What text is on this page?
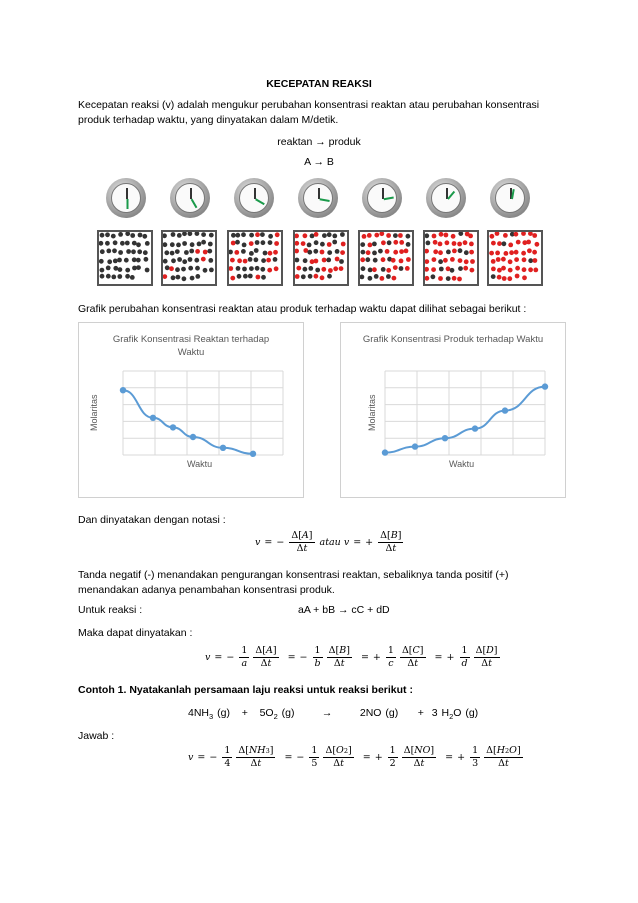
KECEPATAN REAKSI
Kecepatan reaksi (v) adalah mengukur perubahan konsentrasi reaktan atau perubahan konsentrasi produk terhadap waktu, yang dinyatakan dalam M/detik.
reaktan → produk
A → B
Grafik perubahan konsentrasi reaktan atau produk terhadap waktu dapat dilihat sebagai berikut :
Grafik Konsentrasi Reaktan terhadap Waktu
Waktu
Molaritas
Grafik Konsentrasi Produk terhadap Waktu
Waktu
Molaritas
Dan dinyatakan dengan notasi :
v = − $\frac{\Delta[A]}{\Delta t}$ atau v = + $\frac{\Delta[B]}{\Delta t}$
Tanda negatif (-) menandakan pengurangan konsentrasi reaktan, sebaliknya tanda positif (+) menandakan adanya penambahan konsentrasi produk.
Untuk reaksi :	aA + bB → cC + dD
Maka dapat dinyatakan :
v = − $\frac{1}{a} \frac{\Delta[A]}{\Delta t}$ = − $\frac{1}{b} \frac{\Delta[B]}{\Delta t}$ = + $\frac{1}{c} \frac{\Delta[C]}{\Delta t}$ = + $\frac{1}{d} \frac{\Delta[D]}{\Delta t}$
Contoh 1. Nyatakanlah persamaan laju reaksi untuk reaksi berikut :
$4NH_3$ $(g) + 5O_2$ (g)       →       2NO (g)     +  3 $H_2O$ (g)
Jawab :
v = − $\frac{1}{4} \frac{\Delta[NH3]}{\Delta t}$ = − $\frac{1}{5} \frac{\Delta[O2]}{\Delta t}$ = + $\frac{1}{2} \frac{\Delta[NO]}{\Delta t}$ = + $\frac{1}{3} \frac{\Delta[H2O]}{\Delta t}$
